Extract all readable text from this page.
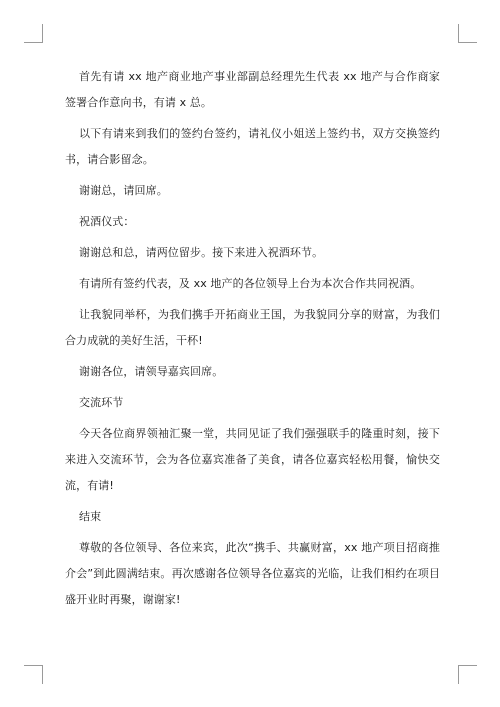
首先有请 xx 地产商业地产事业部副总经理先生代表 xx 地产与合作商家签署合作意向书，有请 x 总。

以下有请来到我们的签约台签约，请礼仪小姐送上签约书，双方交换签约书，请合影留念。

谢谢总，请回席。

祝酒仪式：

谢谢总和总，请两位留步。接下来进入祝酒环节。

有请所有签约代表，及 xx 地产的各位领导上台为本次合作共同祝酒。

让我貌同举杯，为我们携手开拓商业王国，为我貌同分享的财富，为我们合力成就的美好生活，干杯!

谢谢各位，请领导嘉宾回席。

交流环节

今天各位商界领袖汇聚一堂，共同见证了我们强强联手的隆重时刻，接下来进入交流环节，会为各位嘉宾准备了美食，请各位嘉宾轻松用餐，愉快交流，有请!

结束

尊敬的各位领导、各位来宾，此次“携手、共赢财富，xx 地产项目招商推介会”到此圆满结束。再次感谢各位领导各位嘉宾的光临，让我们相约在项目盛开业时再聚，谢谢家!
